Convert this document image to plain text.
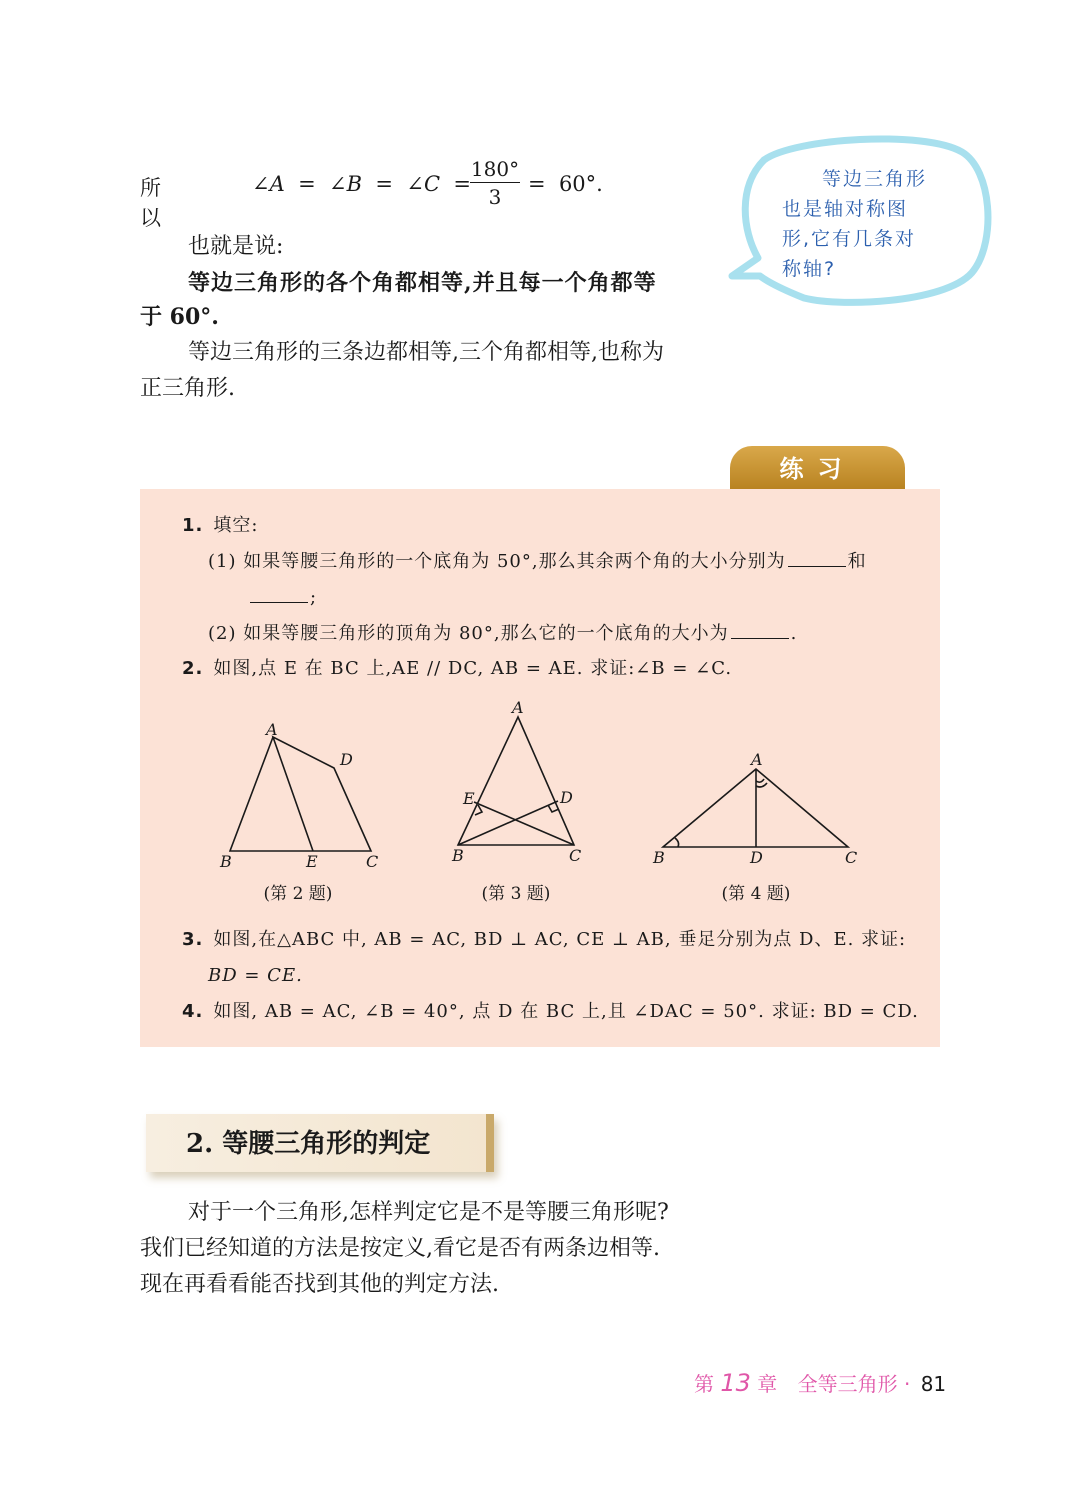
所以
∠A  =  ∠B  =  ∠C  = $\frac{180^\circ}{3} = 60^\circ$.
也就是说:
等边三角形的各个角都相等,并且每一个角都等
于 60°.
等边三角形的三条边都相等,三个角都相等,也称为
正三角形.
等边三角形
也是轴对称图
形,它有几条对
称轴?
练习
1. 填空:
(1) 如果等腰三角形的一个底角为 50°,那么其余两个角的大小分别为	和
;
(2) 如果等腰三角形的顶角为 80°,那么它的一个底角的大小为	.
2. 如图,点 E 在 BC 上,AE // DC, AB = AE. 求证:∠B = ∠C.
A
D
B	E	C
A
E	D
B	C
A
B	D	C
(第 2 题)	(第 3 题)	(第 4 题)
3. 如图,在△ABC 中, AB = AC, BD ⊥ AC, CE ⊥ AB, 垂足分别为点 D、E. 求证:
BD = CE.
4. 如图, AB = AC, ∠B = 40°, 点 D 在 BC 上,且 ∠DAC = 50°. 求证: BD = CD.
2. 等腰三角形的判定
对于一个三角形,怎样判定它是不是等腰三角形呢?
我们已经知道的方法是按定义,看它是否有两条边相等.
现在再看看能否找到其他的判定方法.
第 13 章 全等三角形 · 81
